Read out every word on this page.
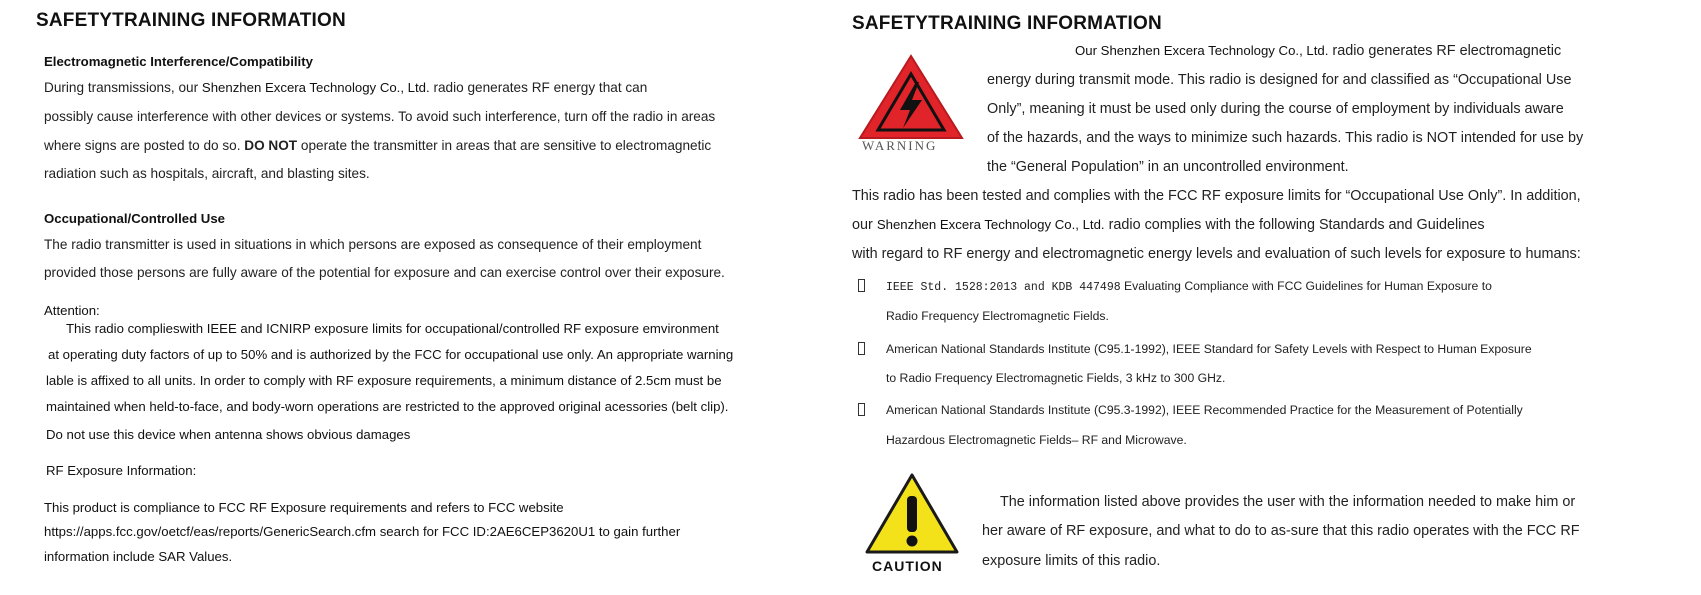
SAFETYTRAINING INFORMATION
Electromagnetic Interference/Compatibility
During transmissions, our Shenzhen Excera Technology Co., Ltd. radio generates RF energy that can
possibly cause interference with other devices or systems. To avoid such interference, turn off the radio in areas
where signs are posted to do so. DO NOT operate the transmitter in areas that are sensitive to electromagnetic
radiation such as hospitals, aircraft, and blasting sites.
Occupational/Controlled Use
The radio transmitter is used in situations in which persons are exposed as consequence of their employment
provided those persons are fully aware of the potential for exposure and can exercise control over their exposure.
Attention:
This radio complieswith IEEE and ICNIRP exposure limits for occupational/controlled RF exposure emvironment
at operating duty factors of up to 50% and is authorized by the FCC for occupational use only. An appropriate warning
lable is affixed to all units. In order to comply with RF exposure requirements, a minimum distance of 2.5cm must be
maintained when held-to-face, and body-worn operations are restricted to the approved original acessories (belt clip).
Do not use this device when antenna shows obvious damages
RF Exposure Information:
This product is compliance to FCC RF Exposure requirements and refers to FCC website
https://apps.fcc.gov/oetcf/eas/reports/GenericSearch.cfm search for FCC ID:2AE6CEP3620U1 to gain further
information include SAR Values.
SAFETYTRAINING INFORMATION
WARNING
Our Shenzhen Excera Technology Co., Ltd. radio generates RF electromagnetic
energy during transmit mode. This radio is designed for and classified as “Occupational Use
Only”, meaning it must be used only during the course of employment by individuals aware
of the hazards, and the ways to minimize such hazards. This radio is NOT intended for use by
the “General Population” in an uncontrolled environment.
This radio has been tested and complies with the FCC RF exposure limits for “Occupational Use Only”. In addition,
our Shenzhen Excera Technology Co., Ltd. radio complies with the following Standards and Guidelines
with regard to RF energy and electromagnetic energy levels and evaluation of such levels for exposure to humans:
IEEE Std. 1528:2013 and KDB 447498 Evaluating Compliance with FCC Guidelines for Human Exposure to
Radio Frequency Electromagnetic Fields.
American National Standards Institute (C95.1-1992), IEEE Standard for Safety Levels with Respect to Human Exposure
to Radio Frequency Electromagnetic Fields, 3 kHz to 300 GHz.
American National Standards Institute (C95.3-1992), IEEE Recommended Practice for the Measurement of Potentially
Hazardous Electromagnetic Fields– RF and Microwave.
CAUTION
The information listed above provides the user with the information needed to make him or
her aware of RF exposure, and what to do to as-sure that this radio operates with the FCC RF
exposure limits of this radio.
